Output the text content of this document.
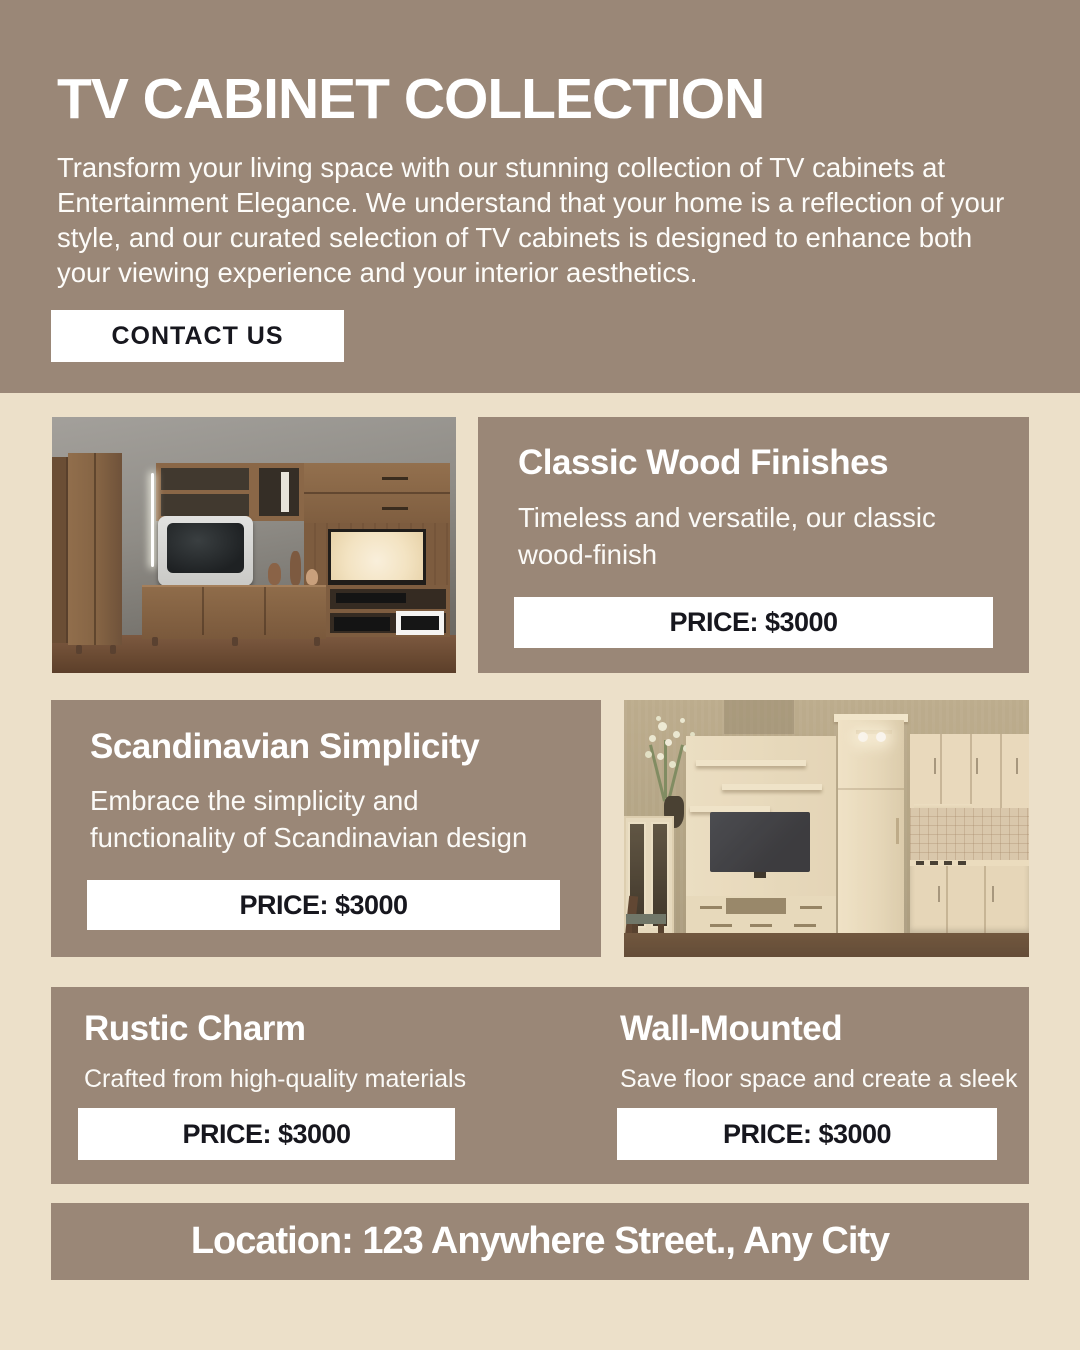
TV CABINET COLLECTION

Transform your living space with our stunning collection of TV cabinets at Entertainment Elegance. We understand that your home is a reflection of your style, and our curated selection of TV cabinets is designed to enhance both your viewing experience and your interior aesthetics.

CONTACT US
Classic Wood Finishes

Timeless and versatile, our classic wood-finish

PRICE: $3000
Scandinavian Simplicity

Embrace the simplicity and functionality of Scandinavian design

PRICE: $3000
Rustic Charm

Crafted from high-quality materials

PRICE: $3000
Wall-Mounted

Save floor space and create a sleek

PRICE: $3000
Location: 123 Anywhere Street., Any City
